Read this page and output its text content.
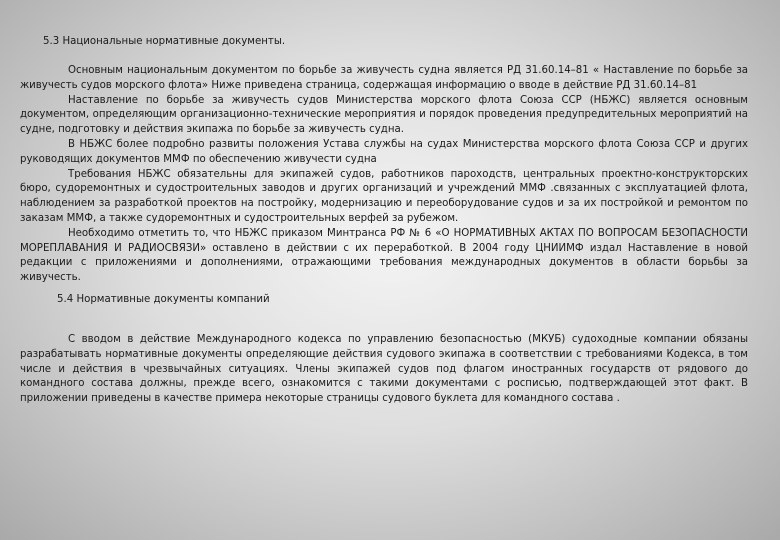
5.3 Национальные нормативные документы.

Основным национальным документом по борьбе за живучесть судна является РД 31.60.14–81 « Наставление по борьбе за живучесть судов морского флота» Ниже приведена страница, содержащая информацию о вводе в действие РД 31.60.14–81

Наставление по борьбе за живучесть судов Министерства морского флота Союза ССР (НБЖС) является основным документом, определяющим организационно-технические мероприятия и порядок проведения предупредительных мероприятий на судне, подготовку и действия экипажа по борьбе за живучесть судна.

В НБЖС более подробно развиты положения Устава службы на судах Министерства морского флота Союза ССР и других руководящих документов ММФ по обеспечению живучести судна

Требования НБЖС обязательны для экипажей судов, работников пароходств, центральных проектно-конструкторских бюро, судоремонтных и судостроительных заводов и других организаций и учреждений ММФ .связанных с эксплуатацией флота, наблюдением за разработкой проектов на постройку, модернизацию и переоборудование судов и за их постройкой и ремонтом по заказам ММФ, а также судоремонтных и судостроительных верфей за рубежом.

Необходимо отметить то, что НБЖС приказом Минтранса РФ № 6 «О НОРМАТИВНЫХ АКТАХ ПО ВОПРОСАМ БЕЗОПАСНОСТИ МОРЕПЛАВАНИЯ И РАДИОСВЯЗИ» оставлено в действии с их переработкой. В 2004 году ЦНИИМФ издал Наставление в новой редакции с приложениями и дополнениями, отражающими требования международных документов в области борьбы за живучесть.

5.4 Нормативные документы компаний

С вводом в действие Международного кодекса по управлению безопасностью (МКУБ) судоходные компании обязаны разрабатывать нормативные документы определяющие действия судового экипажа в соответствии с требованиями Кодекса, в том числе и действия в чрезвычайных ситуациях. Члены экипажей судов под флагом иностранных государств от рядового до командного состава должны, прежде всего, ознакомится с такими документами с росписью, подтверждающей этот факт. В приложении приведены в качестве примера некоторые страницы судового буклета для командного состава .
